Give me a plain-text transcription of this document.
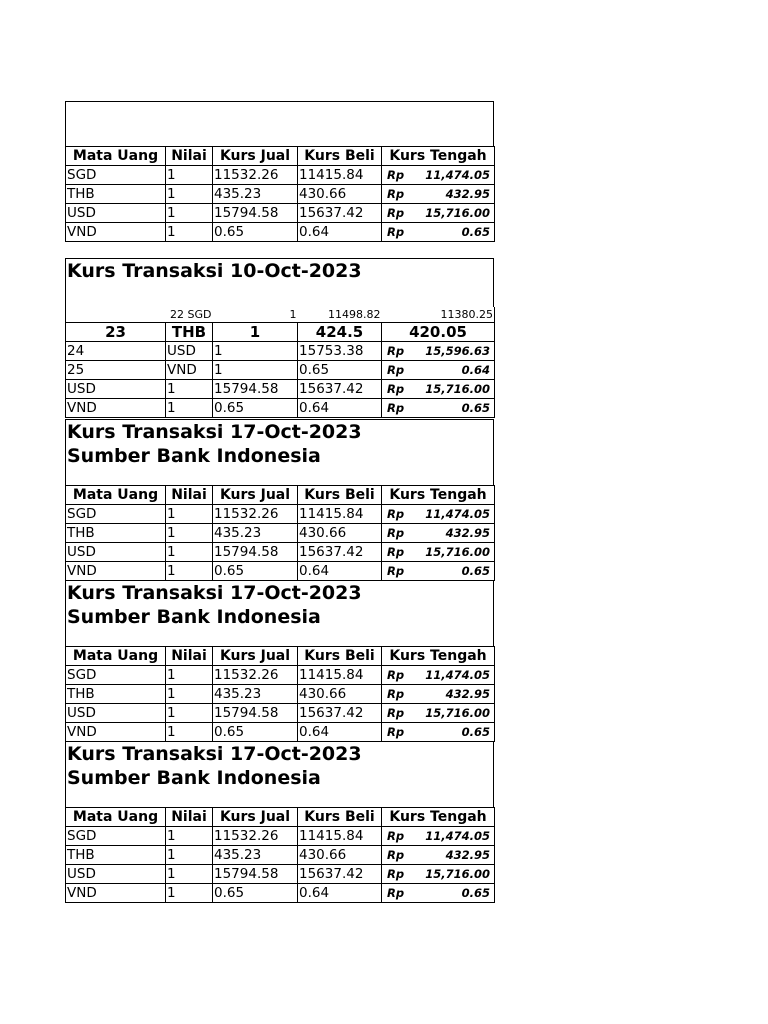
Mata Uang	Nilai	Kurs Jual	Kurs Beli	Kurs Tengah
SGD	1	11532.26	11415.84	Rp 11,474.05

THB	1	435.23	430.66	Rp 432.95

USD	1	15794.58	15637.42	Rp 15,716.00

VND	1	0.65	0.64	Rp 0.65
Kurs Transaksi 10-Oct-2023
22 SGD		1	11498.82	11380.25
23	THB	1	424.5	420.05
24	USD	1	15753.38	Rp 15,596.63

25	VND	1	0.65	Rp 0.64

USD	1	15794.58	15637.42	Rp 15,716.00

VND	1	0.65	0.64	Rp 0.65
Kurs Transaksi 17-Oct-2023
Sumber Bank Indonesia
Mata Uang	Nilai	Kurs Jual	Kurs Beli	Kurs Tengah
SGD	1	11532.26	11415.84	Rp 11,474.05

THB	1	435.23	430.66	Rp 432.95

USD	1	15794.58	15637.42	Rp 15,716.00

VND	1	0.65	0.64	Rp 0.65
Kurs Transaksi 17-Oct-2023
Sumber Bank Indonesia
Mata Uang	Nilai	Kurs Jual	Kurs Beli	Kurs Tengah
SGD	1	11532.26	11415.84	Rp 11,474.05

THB	1	435.23	430.66	Rp 432.95

USD	1	15794.58	15637.42	Rp 15,716.00

VND	1	0.65	0.64	Rp 0.65
Kurs Transaksi 17-Oct-2023
Sumber Bank Indonesia
Mata Uang	Nilai	Kurs Jual	Kurs Beli	Kurs Tengah
SGD	1	11532.26	11415.84	Rp 11,474.05

THB	1	435.23	430.66	Rp 432.95

USD	1	15794.58	15637.42	Rp 15,716.00

VND	1	0.65	0.64	Rp 0.65
